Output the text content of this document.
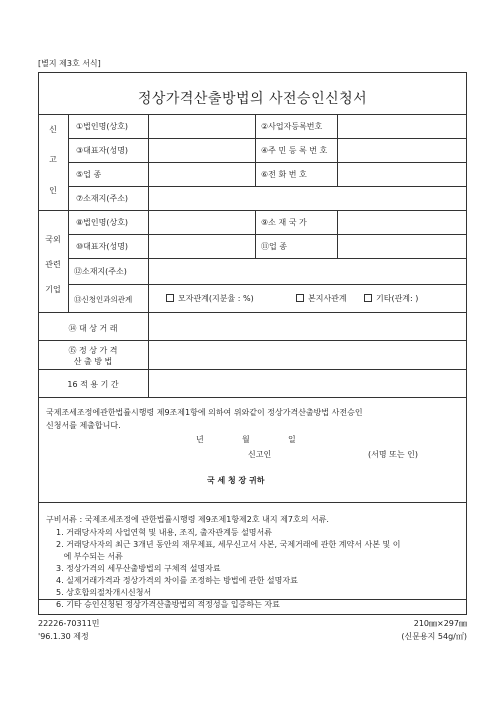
[별지 제3호 서식]
정상가격산출방법의 사전승인신청서
신
고
인
①법인명(상호)	②사업자등록번호
③대표자(성명)	④주 민 등 록 번 호
⑤업 종	⑥전 화 번 호
⑦소재지(주소)
국외
관련
기업
⑧법인명(상호)	⑨소 재 국 가
⑩대표자(성명)	⑪업 종
⑫소재지(주소)
⑬신청인과의관계	모자관계(지분율 : %)	본지사관계	기타(관계: )
⑭ 대 상 거 래
⑮ 정 상 가 격
산 출 방 법
16 적 용 기 간
국제조세조정에관한법률시행령 제9조제1항에 의하여 위와같이 정상가격산출방법 사전승인
신청서를 제출합니다.
년	월	일
신고인	(서명 또는 인)
국 세 청 장 귀하
구비서류 : 국제조세조정에 관한법률시행령 제9조제1항제2호 내지 제7호의 서류.
1. 거래당사자의 사업연혁 및 내용, 조직, 출자관계등 설명서류
2. 거래당사자의 최근 3개년 동안의 재무제표, 세무신고서 사본, 국제거래에 관한 계약서 사본 및 이
에 부수되는 서류
3. 정상가격의 세무산출방법의 구체적 설명자료
4. 실제거래가격과 정상가격의 차이를 조정하는 방법에 관한 설명자료
5. 상호합의절차개시신청서
6. 기타 승인신청된 정상가격산출방법의 적정성을 입증하는 자료
22226-70311민
'96.1.30 제정
210㎜×297㎜
(신문용지 54g/㎡)
